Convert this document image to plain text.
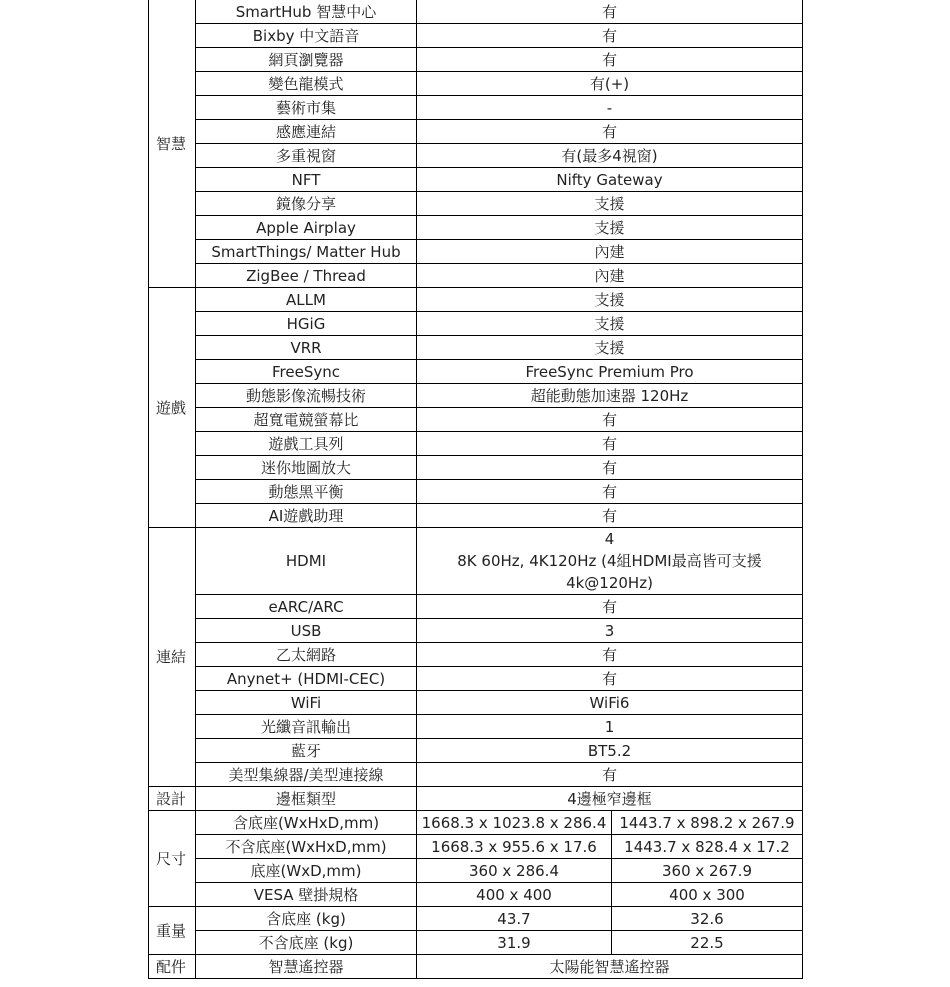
智慧	SmartHub 智慧中心	有	
	Bixby 中文語音	有	
	網頁瀏覽器	有	
	變色龍模式	有(+)	
	藝術市集	-	
	感應連結	有	
	多重視窗	有(最多4視窗)	
	NFT	Nifty Gateway	
	鏡像分享	支援	
	Apple Airplay	支援	
	SmartThings/ Matter Hub	內建	
	ZigBee / Thread	內建	
遊戲	ALLM	支援	
	HGiG	支援	
	VRR	支援	
	FreeSync	FreeSync Premium Pro	
	動態影像流暢技術	超能動態加速器 120Hz	
	超寬電競螢幕比	有	
	遊戲工具列	有	
	迷你地圖放大	有	
	動態黑平衡	有	
	AI遊戲助理	有	
連結	HDMI	4
8K 60Hz, 4K120Hz (4組HDMI最高皆可支援
4k@120Hz)	
	eARC/ARC	有	
	USB	3	
	乙太網路	有	
	Anynet+ (HDMI-CEC)	有	
	WiFi	WiFi6	
	光纖音訊輸出	1	
	藍牙	BT5.2	
	美型集線器/美型連接線	有	
設計	邊框類型	4邊極窄邊框	
尺寸	含底座(WxHxD,mm)	1668.3 x 1023.8 x 286.4	1443.7 x 898.2 x 267.9
	不含底座(WxHxD,mm)	1668.3 x 955.6 x 17.6	1443.7 x 828.4 x 17.2
	底座(WxD,mm)	360 x 286.4	360 x 267.9
	VESA 壁掛規格	400 x 400	400 x 300
重量	含底座 (kg)	43.7	32.6
	不含底座 (kg)	31.9	22.5
配件	智慧遙控器	太陽能智慧遙控器	
